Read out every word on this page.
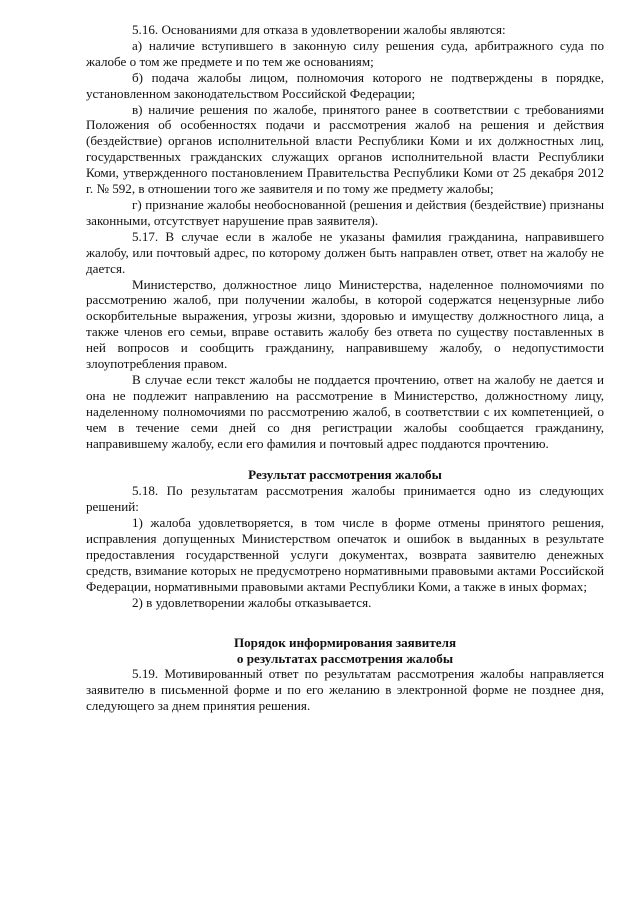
5.16. Основаниями для отказа в удовлетворении жалобы являются:

а) наличие вступившего в законную силу решения суда, арбитражного суда по жалобе о том же предмете и по тем же основаниям;

б) подача жалобы лицом, полномочия которого не подтверждены в порядке, установленном законодательством Российской Федерации;

в) наличие решения по жалобе, принятого ранее в соответствии с требованиями Положения об особенностях подачи и рассмотрения жалоб на решения и действия (бездействие) органов исполнительной власти Республики Коми и их должностных лиц, государственных гражданских служащих органов исполнительной власти Республики Коми, утвержденного постановлением Правительства Республики Коми от 25 декабря 2012 г. № 592, в отношении того же заявителя и по тому же предмету жалобы;

г) признание жалобы необоснованной (решения и действия (бездействие) признаны законными, отсутствует нарушение прав заявителя).

5.17. В случае если в жалобе не указаны фамилия гражданина, направившего жалобу, или почтовый адрес, по которому должен быть направлен ответ, ответ на жалобу не дается.

Министерство, должностное лицо Министерства, наделенное полномочиями по рассмотрению жалоб, при получении жалобы, в которой содержатся нецензурные либо оскорбительные выражения, угрозы жизни, здоровью и имуществу должностного лица, а также членов его семьи, вправе оставить жалобу без ответа по существу поставленных в ней вопросов и сообщить гражданину, направившему жалобу, о недопустимости злоупотребления правом.

В случае если текст жалобы не поддается прочтению, ответ на жалобу не дается и она не подлежит направлению на рассмотрение в Министерство, должностному лицу, наделенному полномочиями по рассмотрению жалоб, в соответствии с их компетенцией, о чем в течение семи дней со дня регистрации жалобы сообщается гражданину, направившему жалобу, если его фамилия и почтовый адрес поддаются прочтению.

Результат рассмотрения жалобы

5.18. По результатам рассмотрения жалобы принимается одно из следующих решений:

1) жалоба удовлетворяется, в том числе в форме отмены принятого решения, исправления допущенных Министерством опечаток и ошибок в выданных в результате предоставления государственной услуги документах, возврата заявителю денежных средств, взимание которых не предусмотрено нормативными правовыми актами Российской Федерации, нормативными правовыми актами Республики Коми, а также в иных формах;

2) в удовлетворении жалобы отказывается.

Порядок информирования заявителя
о результатах рассмотрения жалобы

5.19. Мотивированный ответ по результатам рассмотрения жалобы направляется заявителю в письменной форме и по его желанию в электронной форме не позднее дня, следующего за днем принятия решения.
